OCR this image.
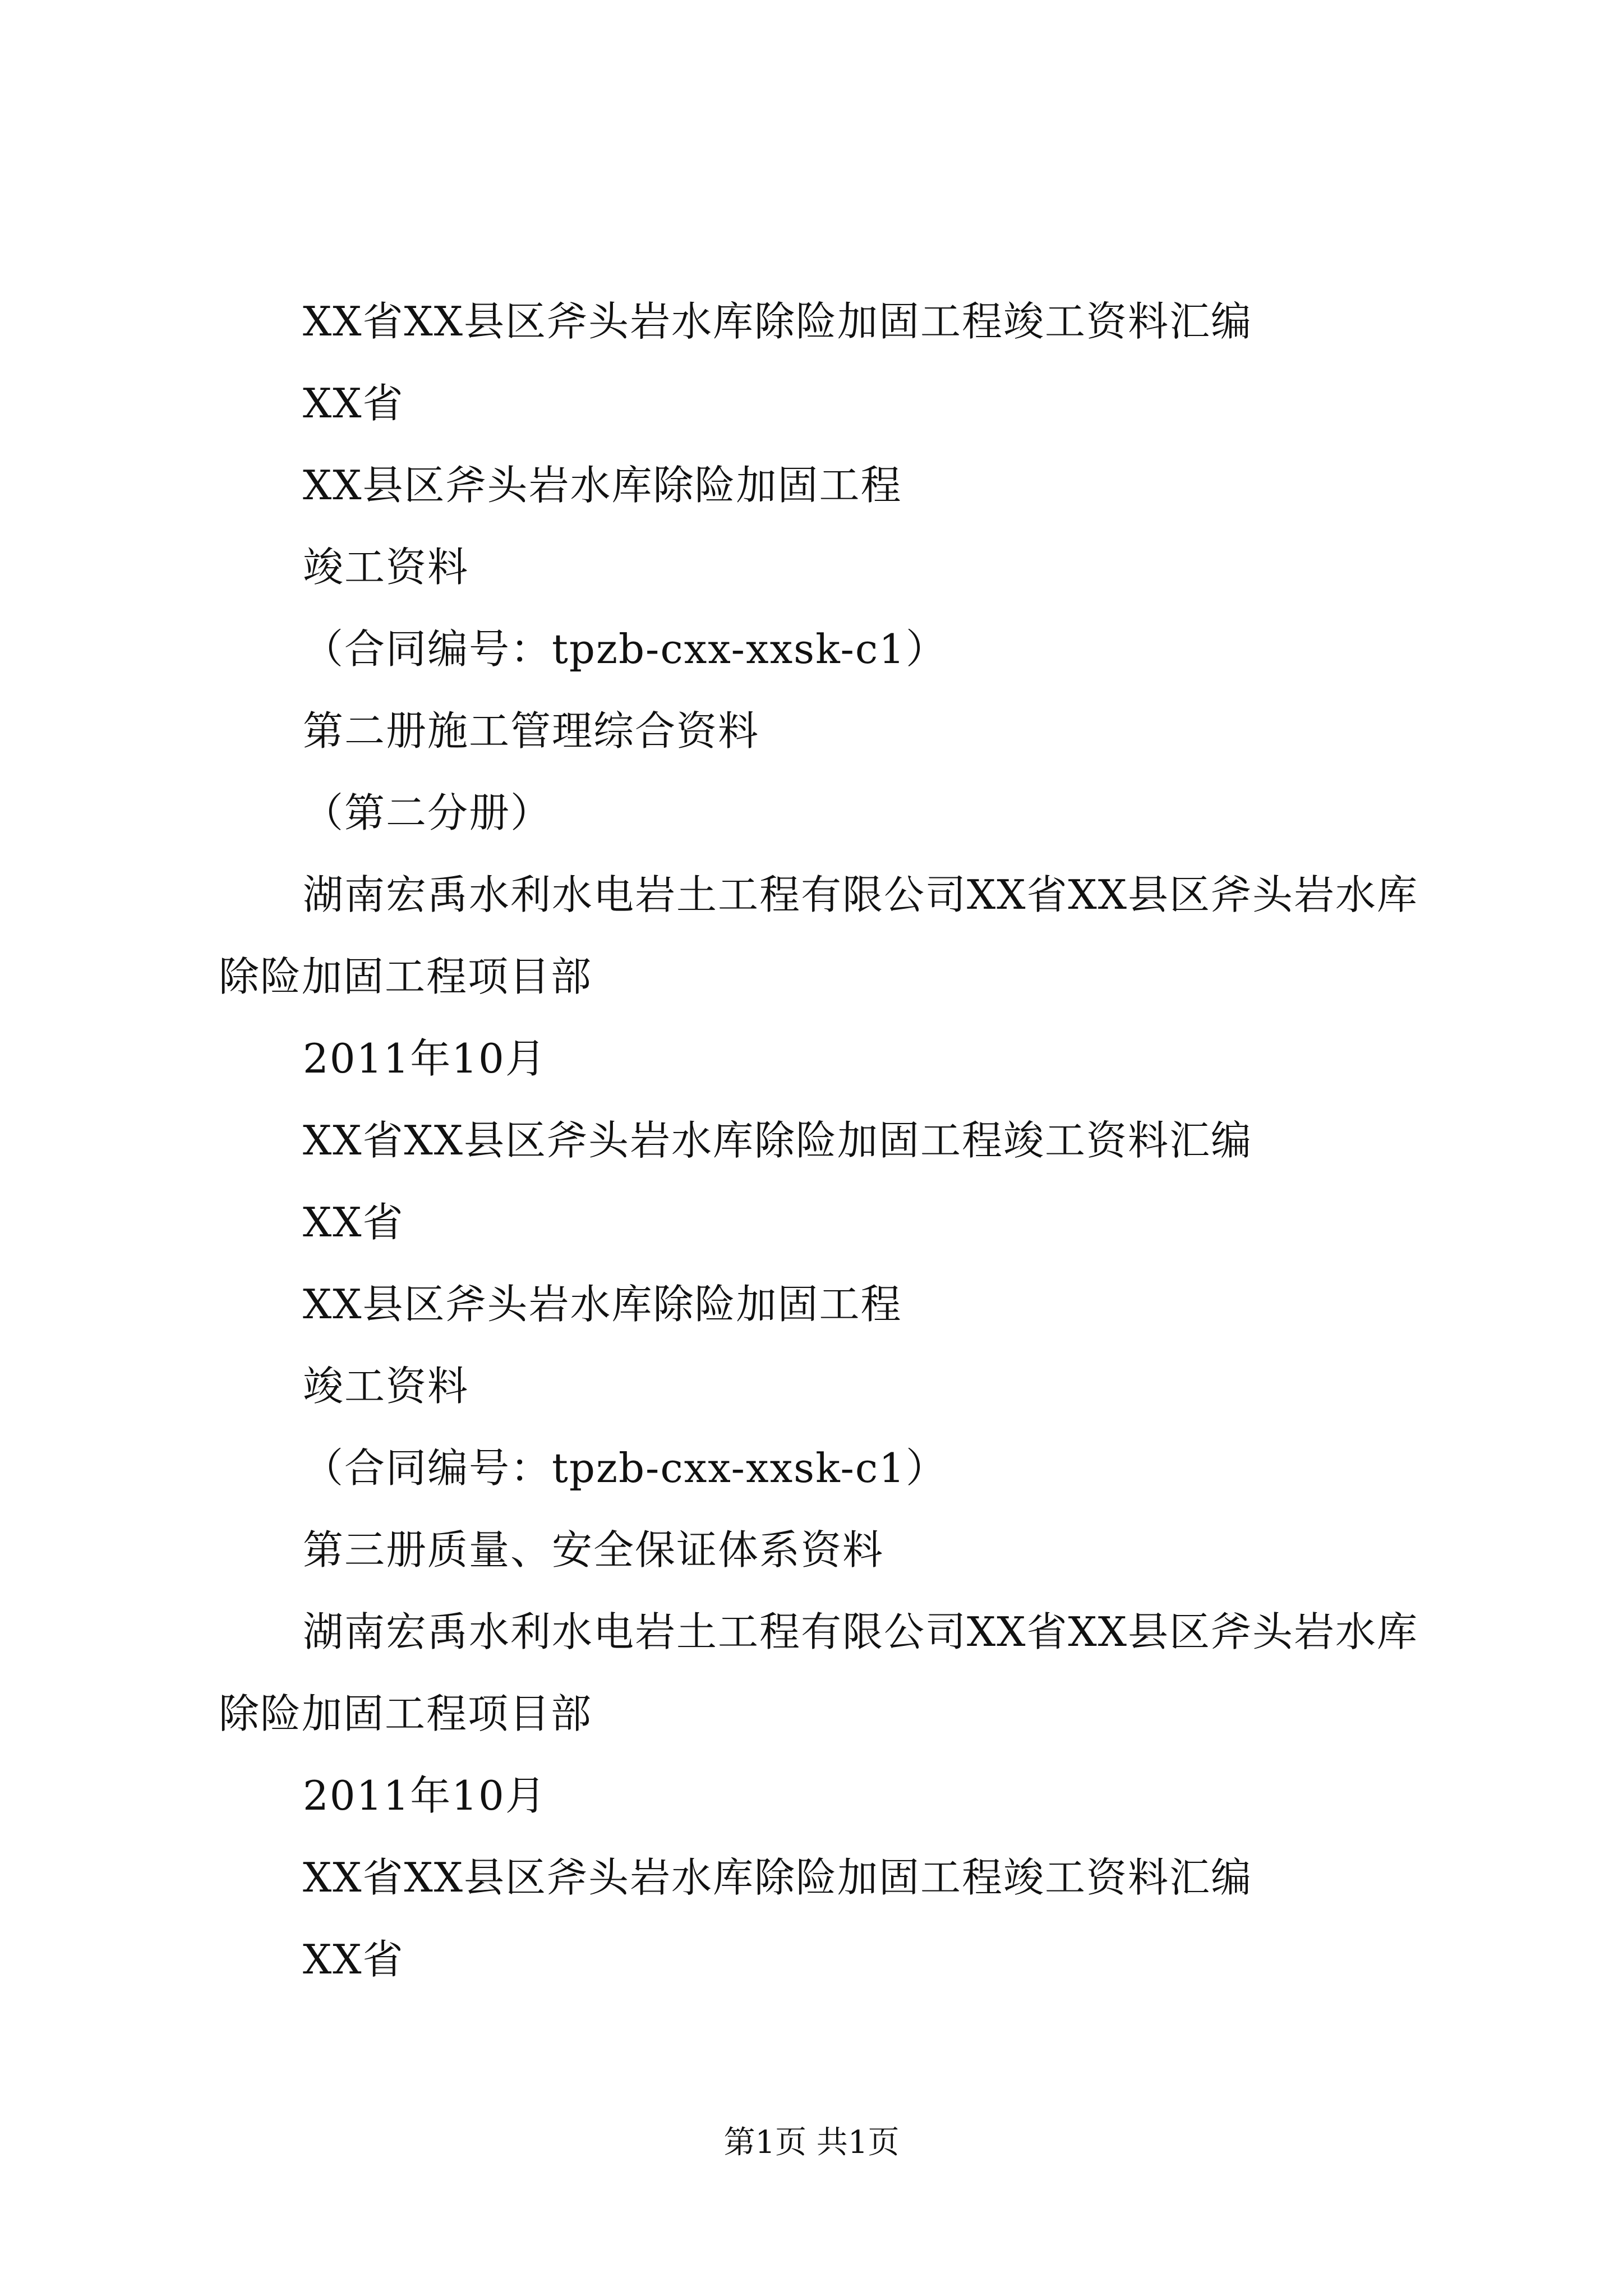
XX省XX县区斧头岩水库除险加固工程竣工资料汇编

XX省

XX县区斧头岩水库除险加固工程

竣工资料

（合同编号：tpzb-cxx-xxsk-c1）

第二册施工管理综合资料

（第二分册）

湖南宏禹水利水电岩土工程有限公司XX省XX县区斧头岩水库除险加固工程项目部

2011年10月

XX省XX县区斧头岩水库除险加固工程竣工资料汇编

XX省

XX县区斧头岩水库除险加固工程

竣工资料

（合同编号：tpzb-cxx-xxsk-c1）

第三册质量、安全保证体系资料

湖南宏禹水利水电岩土工程有限公司XX省XX县区斧头岩水库除险加固工程项目部

2011年10月

XX省XX县区斧头岩水库除险加固工程竣工资料汇编

XX省

第1页 共1页
